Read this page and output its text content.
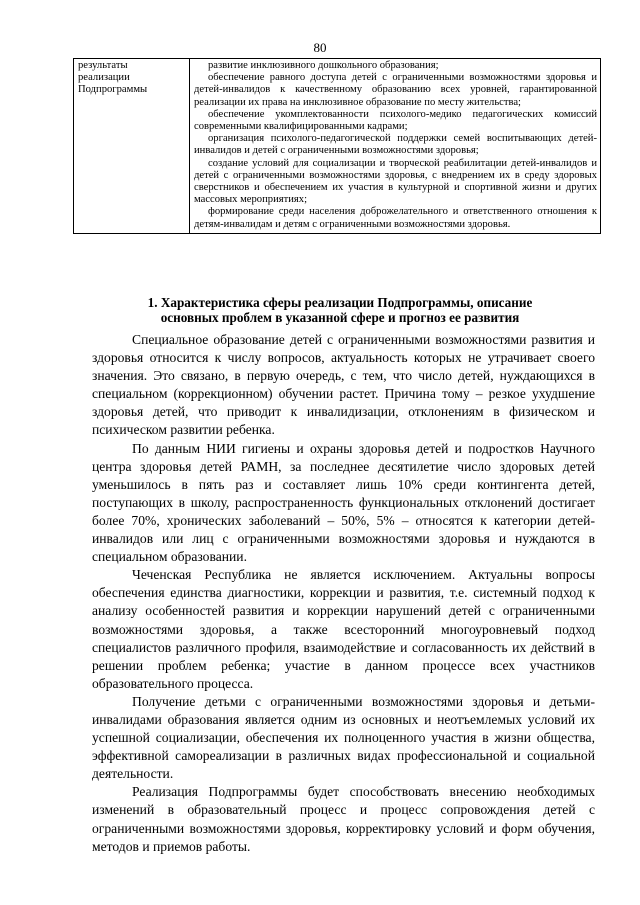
80
результаты
реализации
Подпрограммы

развитие инклюзивного дошкольного образования;
обеспечение равного доступа детей с ограниченными возможностями здоровья и детей-инвалидов к качественному образованию всех уровней, гарантированной реализации их права на инклюзивное образование по месту жительства;
обеспечение укомплектованности психолого-медико педагогических комиссий современными квалифицированными кадрами;
организация психолого-педагогической поддержки семей воспитывающих детей-инвалидов и детей с ограниченными возможностями здоровья;
создание условий для социализации и творческой реабилитации детей-инвалидов и детей с ограниченными возможностями здоровья, с внедрением их в среду здоровых сверстников и обеспечением их участия в культурной и спортивной жизни и других массовых мероприятиях;
формирование среди населения доброжелательного и ответственного отношения к детям-инвалидам и детям с ограниченными возможностями здоровья.
1. Характеристика сферы реализации Подпрограммы, описание
основных проблем в указанной сфере и прогноз ее развития

Специальное образование детей с ограниченными возможностями развития и здоровья относится к числу вопросов, актуальность которых не утрачивает своего значения. Это связано, в первую очередь, с тем, что число детей, нуждающихся в специальном (коррекционном) обучении растет. Причина тому – резкое ухудшение здоровья детей, что приводит к инвалидизации, отклонениям в физическом и психическом развитии ребенка.

По данным НИИ гигиены и охраны здоровья детей и подростков Научного центра здоровья детей РАМН, за последнее десятилетие число здоровых детей уменьшилось в пять раз и составляет лишь 10% среди контингента детей, поступающих в школу, распространенность функциональных отклонений достигает более 70%, хронических заболеваний – 50%, 5% – относятся к категории детей-инвалидов или лиц с ограниченными возможностями здоровья и нуждаются в специальном образовании.

Чеченская Республика не является исключением. Актуальны вопросы обеспечения единства диагностики, коррекции и развития, т.е. системный подход к анализу особенностей развития и коррекции нарушений детей с ограниченными возможностями здоровья, а также всесторонний многоуровневый подход специалистов различного профиля, взаимодействие и согласованность их действий в решении проблем ребенка; участие в данном процессе всех участников образовательного процесса.

Получение детьми с ограниченными возможностями здоровья и детьми-инвалидами образования является одним из основных и неотъемлемых условий их успешной социализации, обеспечения их полноценного участия в жизни общества, эффективной самореализации в различных видах профессиональной и социальной деятельности.

Реализация Подпрограммы будет способствовать внесению необходимых изменений в образовательный процесс и процесс сопровождения детей с ограниченными возможностями здоровья, корректировку условий и форм обучения, методов и приемов работы.
